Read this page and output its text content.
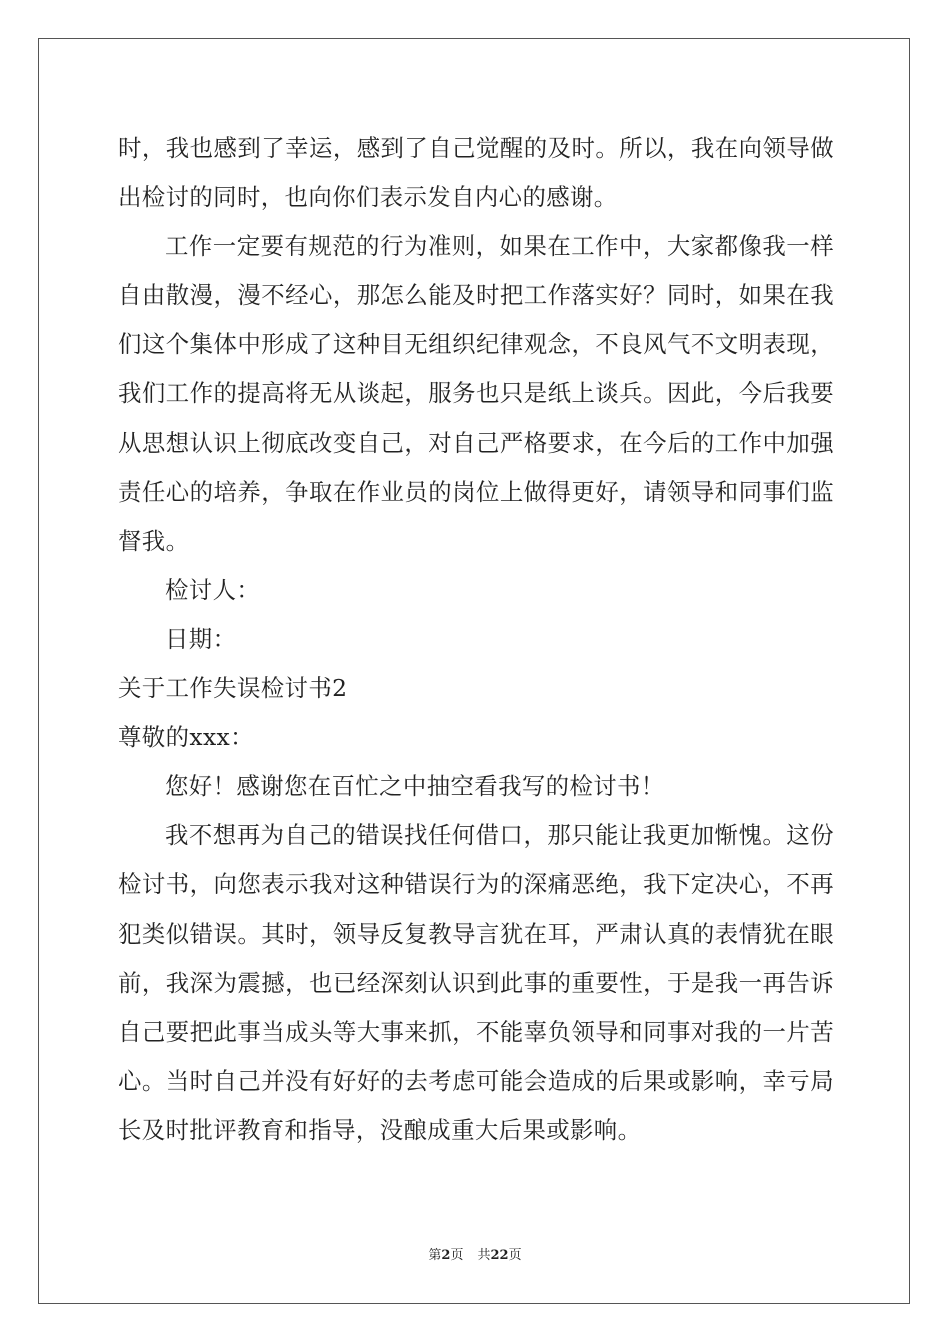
时，我也感到了幸运，感到了自己觉醒的及时。所以，我在向领导做出检讨的同时，也向你们表示发自内心的感谢。

工作一定要有规范的行为准则，如果在工作中，大家都像我一样自由散漫，漫不经心，那怎么能及时把工作落实好？同时，如果在我们这个集体中形成了这种目无组织纪律观念，不良风气不文明表现，我们工作的提高将无从谈起，服务也只是纸上谈兵。因此，今后我要从思想认识上彻底改变自己，对自己严格要求，在今后的工作中加强责任心的培养，争取在作业员的岗位上做得更好，请领导和同事们监督我。

检讨人：

日期：

关于工作失误检讨书2

尊敬的xxx：

您好！感谢您在百忙之中抽空看我写的检讨书！

我不想再为自己的错误找任何借口，那只能让我更加惭愧。这份检讨书，向您表示我对这种错误行为的深痛恶绝，我下定决心，不再犯类似错误。其时，领导反复教导言犹在耳，严肃认真的表情犹在眼前，我深为震撼，也已经深刻认识到此事的重要性，于是我一再告诉自己要把此事当成头等大事来抓，不能辜负领导和同事对我的一片苦心。当时自己并没有好好的去考虑可能会造成的后果或影响，幸亏局长及时批评教育和指导，没酿成重大后果或影响。

第2页 共22页
